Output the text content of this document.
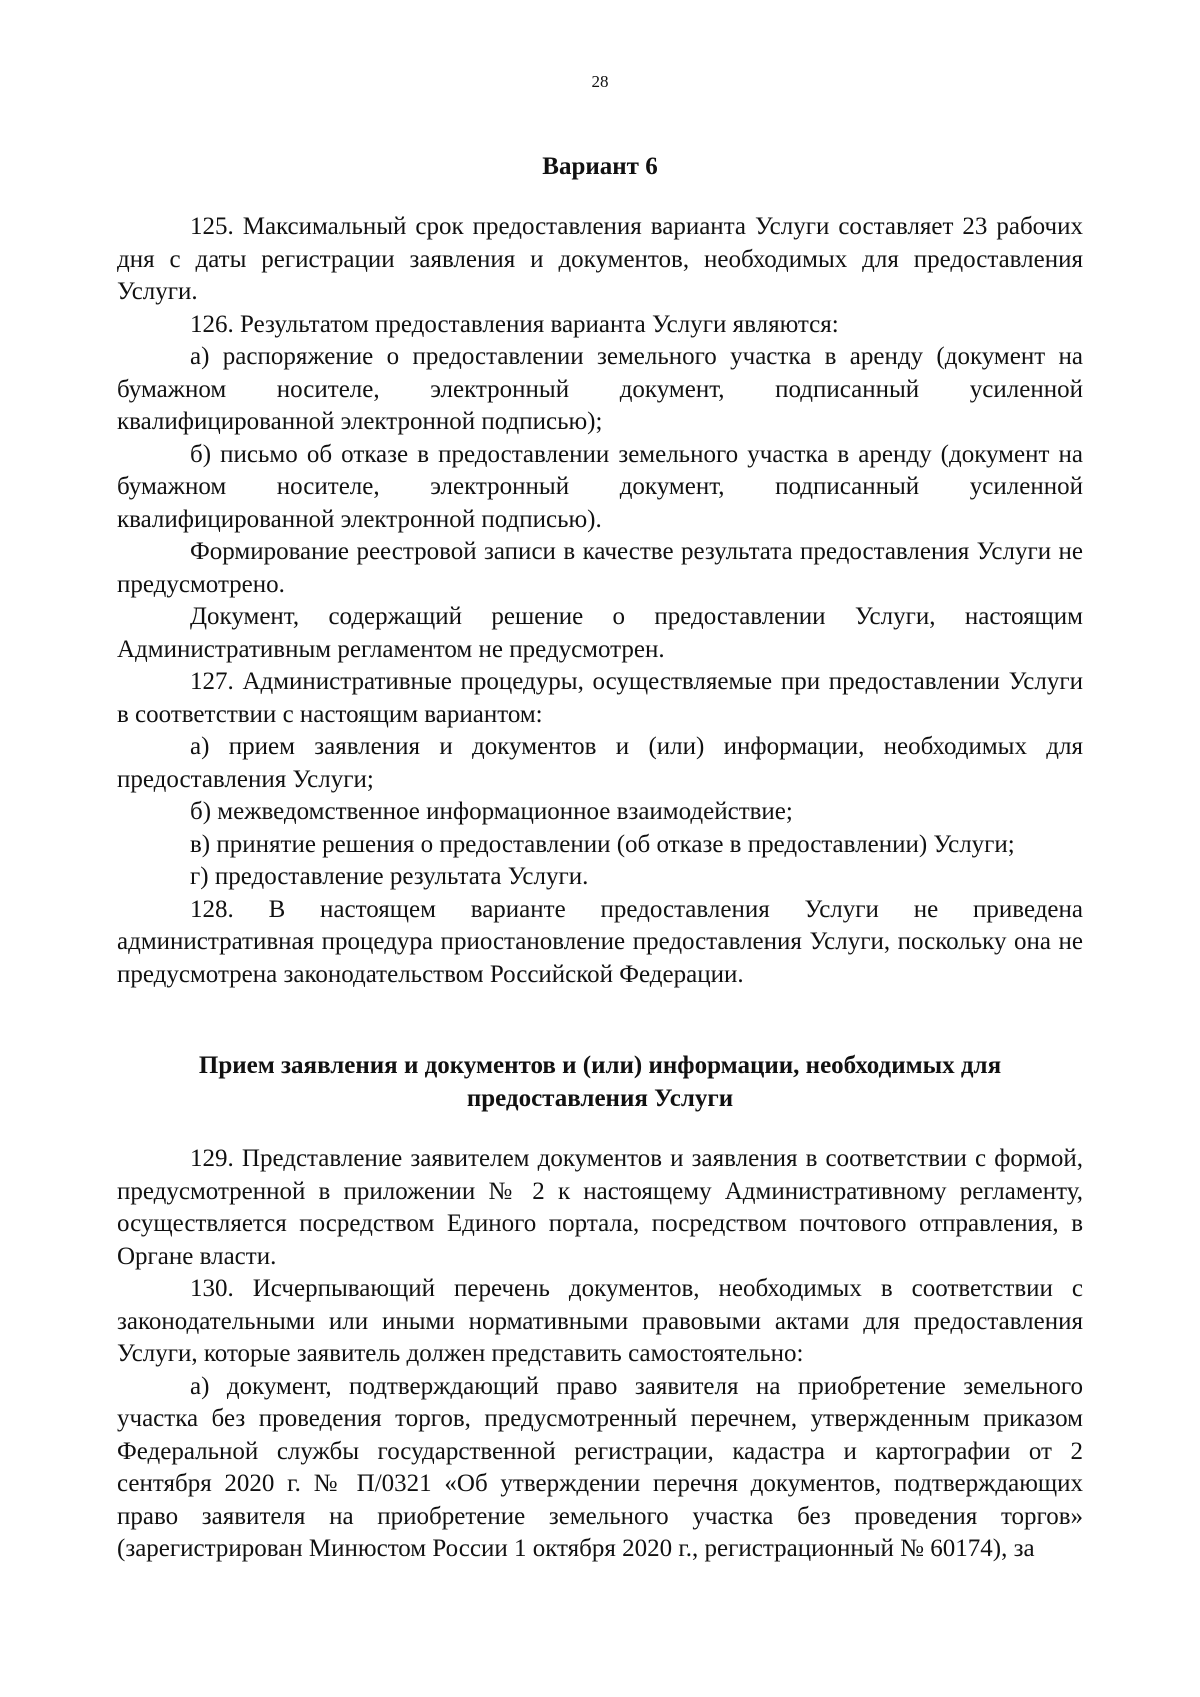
28
Вариант 6

125. Максимальный срок предоставления варианта Услуги составляет 23 рабочих дня с даты регистрации заявления и документов, необходимых для предоставления Услуги.

126. Результатом предоставления варианта Услуги являются:

а) распоряжение о предоставлении земельного участка в аренду (документ на бумажном носителе, электронный документ, подписанный усиленной квалифицированной электронной подписью);

б) письмо об отказе в предоставлении земельного участка в аренду (документ на бумажном носителе, электронный документ, подписанный усиленной квалифицированной электронной подписью).

Формирование реестровой записи в качестве результата предоставления Услуги не предусмотрено.

Документ, содержащий решение о предоставлении Услуги, настоящим Административным регламентом не предусмотрен.

127. Административные процедуры, осуществляемые при предоставлении Услуги в соответствии с настоящим вариантом:

а) прием заявления и документов и (или) информации, необходимых для предоставления Услуги;

б) межведомственное информационное взаимодействие;

в) принятие решения о предоставлении (об отказе в предоставлении) Услуги;

г) предоставление результата Услуги.

128. В настоящем варианте предоставления Услуги не приведена административная процедура приостановление предоставления Услуги, поскольку она не предусмотрена законодательством Российской Федерации.

Прием заявления и документов и (или) информации, необходимых для предоставления Услуги

129. Представление заявителем документов и заявления в соответствии с формой, предусмотренной в приложении № 2 к настоящему Административному регламенту, осуществляется посредством Единого портала, посредством почтового отправления, в Органе власти.

130. Исчерпывающий перечень документов, необходимых в соответствии с законодательными или иными нормативными правовыми актами для предоставления Услуги, которые заявитель должен представить самостоятельно:

а) документ, подтверждающий право заявителя на приобретение земельного участка без проведения торгов, предусмотренный перечнем, утвержденным приказом Федеральной службы государственной регистрации, кадастра и картографии от 2 сентября 2020 г. № П/0321 «Об утверждении перечня документов, подтверждающих право заявителя на приобретение земельного участка без проведения торгов» (зарегистрирован Минюстом России 1 октября 2020 г., регистрационный № 60174), за
